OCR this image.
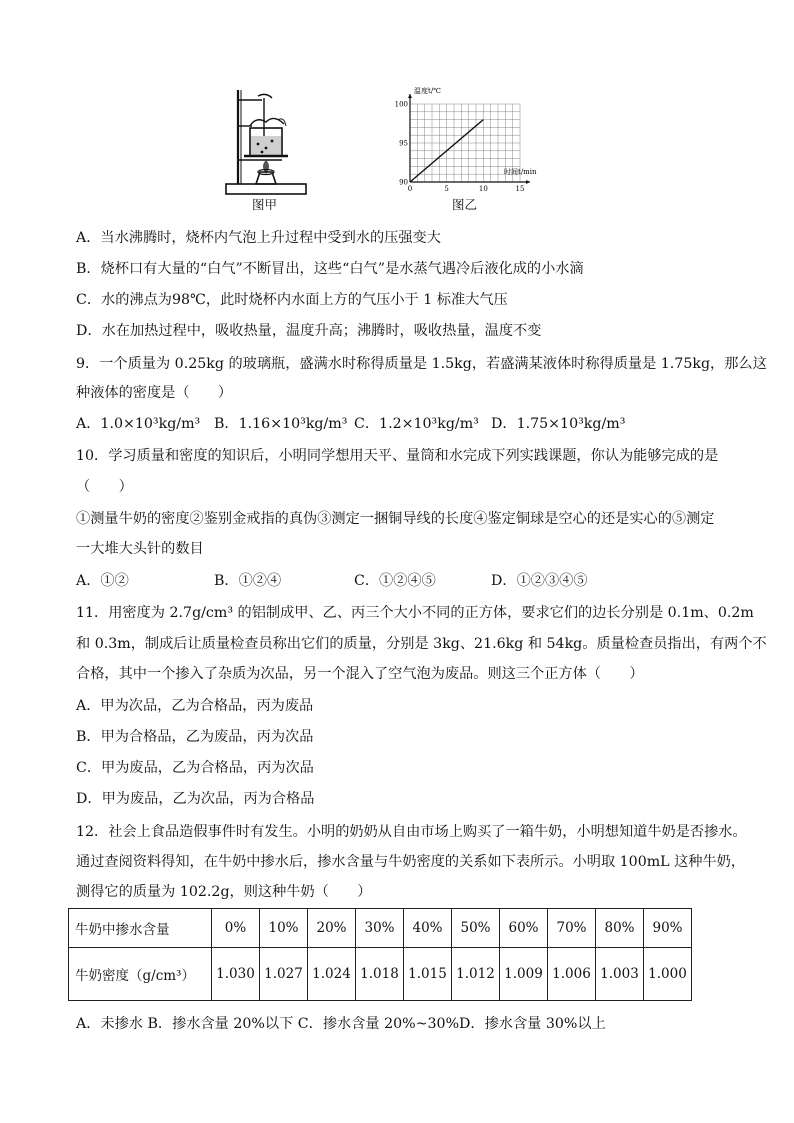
图甲
温度t/℃
时间t/min
100
95
90
0	5	10	15
图乙
A．当水沸腾时，烧杯内气泡上升过程中受到水的压强变大
B．烧杯口有大量的“白气”不断冒出，这些“白气”是水蒸气遇冷后液化成的小水滴
C．水的沸点为98℃，此时烧杯内水面上方的气压小于 1 标准大气压
D．水在加热过程中，吸收热量，温度升高；沸腾时，吸收热量，温度不变
9．一个质量为 0.25kg 的玻璃瓶，盛满水时称得质量是 1.5kg，若盛满某液体时称得质量是 1.75kg，那么这
种液体的密度是（　　）
A．1.0×10³kg/m³ B．1.16×10³kg/m³ C．1.2×10³kg/m³ D．1.75×10³kg/m³
10．学习质量和密度的知识后，小明同学想用天平、量筒和水完成下列实践课题，你认为能够完成的是
（　　）
①测量牛奶的密度②鉴别金戒指的真伪③测定一捆铜导线的长度④鉴定铜球是空心的还是实心的⑤测定
一大堆大头针的数目
A．①②	B．①②④	C．①②④⑤	D．①②③④⑤
11．用密度为 2.7g/cm³ 的铝制成甲、乙、丙三个大小不同的正方体，要求它们的边长分别是 0.1m、0.2m
和 0.3m，制成后让质量检查员称出它们的质量，分别是 3kg、21.6kg 和 54kg。质量检查员指出，有两个不
合格，其中一个掺入了杂质为次品，另一个混入了空气泡为废品。则这三个正方体（　　）
A．甲为次品，乙为合格品，丙为废品
B．甲为合格品，乙为废品，丙为次品
C．甲为废品，乙为合格品，丙为次品
D．甲为废品，乙为次品，丙为合格品
12．社会上食品造假事件时有发生。小明的奶奶从自由市场上购买了一箱牛奶，小明想知道牛奶是否掺水。
通过查阅资料得知，在牛奶中掺水后，掺水含量与牛奶密度的关系如下表所示。小明取 100mL 这种牛奶，
测得它的质量为 102.2g，则这种牛奶（　　）
牛奶中掺水含量	0%	10%	20%	30%	40%	50%	60%	70%	80%	90%
牛奶密度（g/cm³）	1.030	1.027	1.024	1.018	1.015	1.012	1.009	1.006	1.003	1.000
A．未掺水 B．掺水含量 20%以下 C．掺水含量 20%~30%D．掺水含量 30%以上
